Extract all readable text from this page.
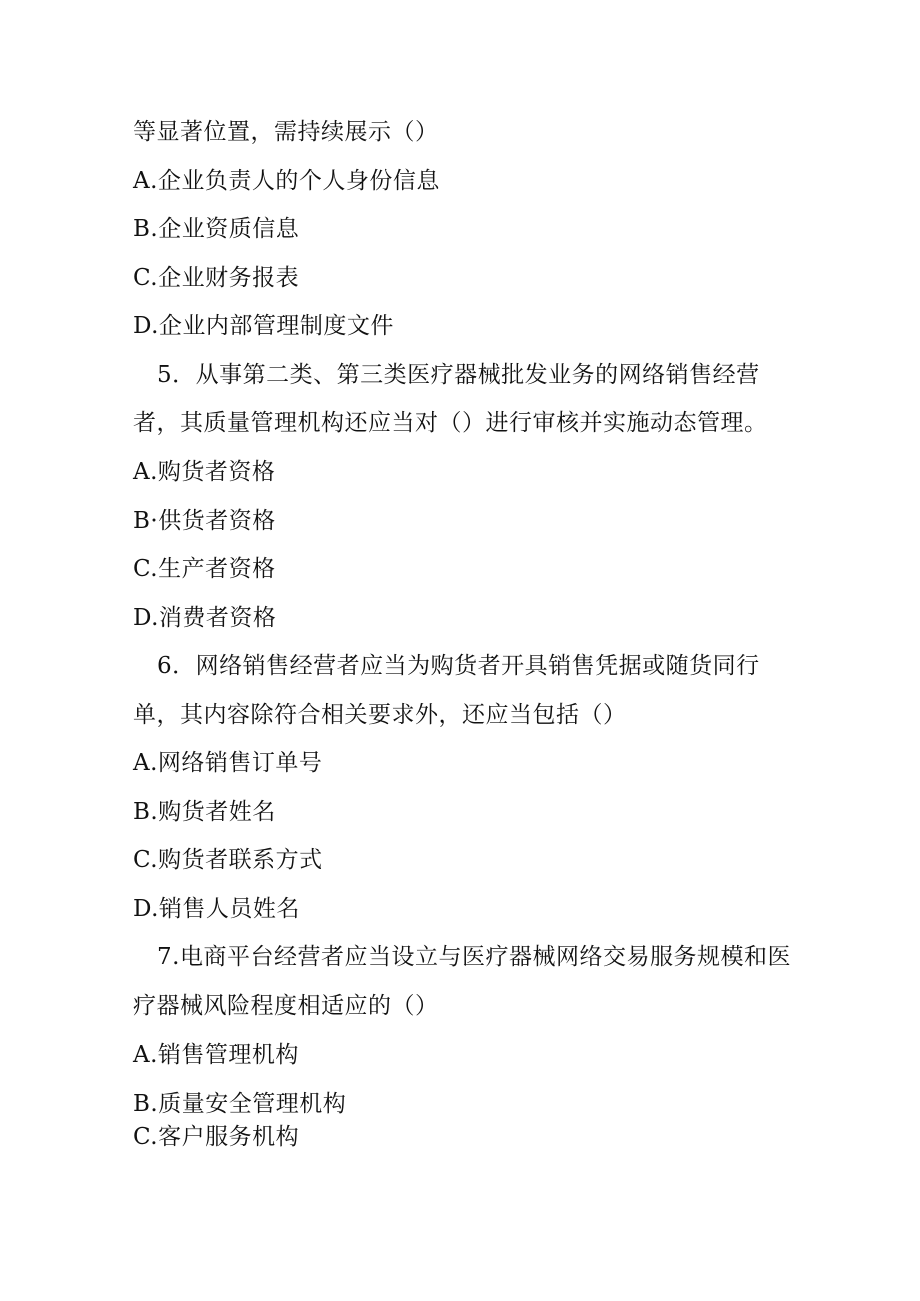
等显著位置，需持续展示（）
A.企业负责人的个人身份信息
B.企业资质信息
C.企业财务报表
D.企业内部管理制度文件
5．从事第二类、第三类医疗器械批发业务的网络销售经营
者，其质量管理机构还应当对（）进行审核并实施动态管理。
A.购货者资格
B·供货者资格
C.生产者资格
D.消费者资格
6．网络销售经营者应当为购货者开具销售凭据或随货同行
单，其内容除符合相关要求外，还应当包括（）
A.网络销售订单号
B.购货者姓名
C.购货者联系方式
D.销售人员姓名
7.电商平台经营者应当设立与医疗器械网络交易服务规模和医
疗器械风险程度相适应的（）
A.销售管理机构
B.质量安全管理机构
C.客户服务机构
